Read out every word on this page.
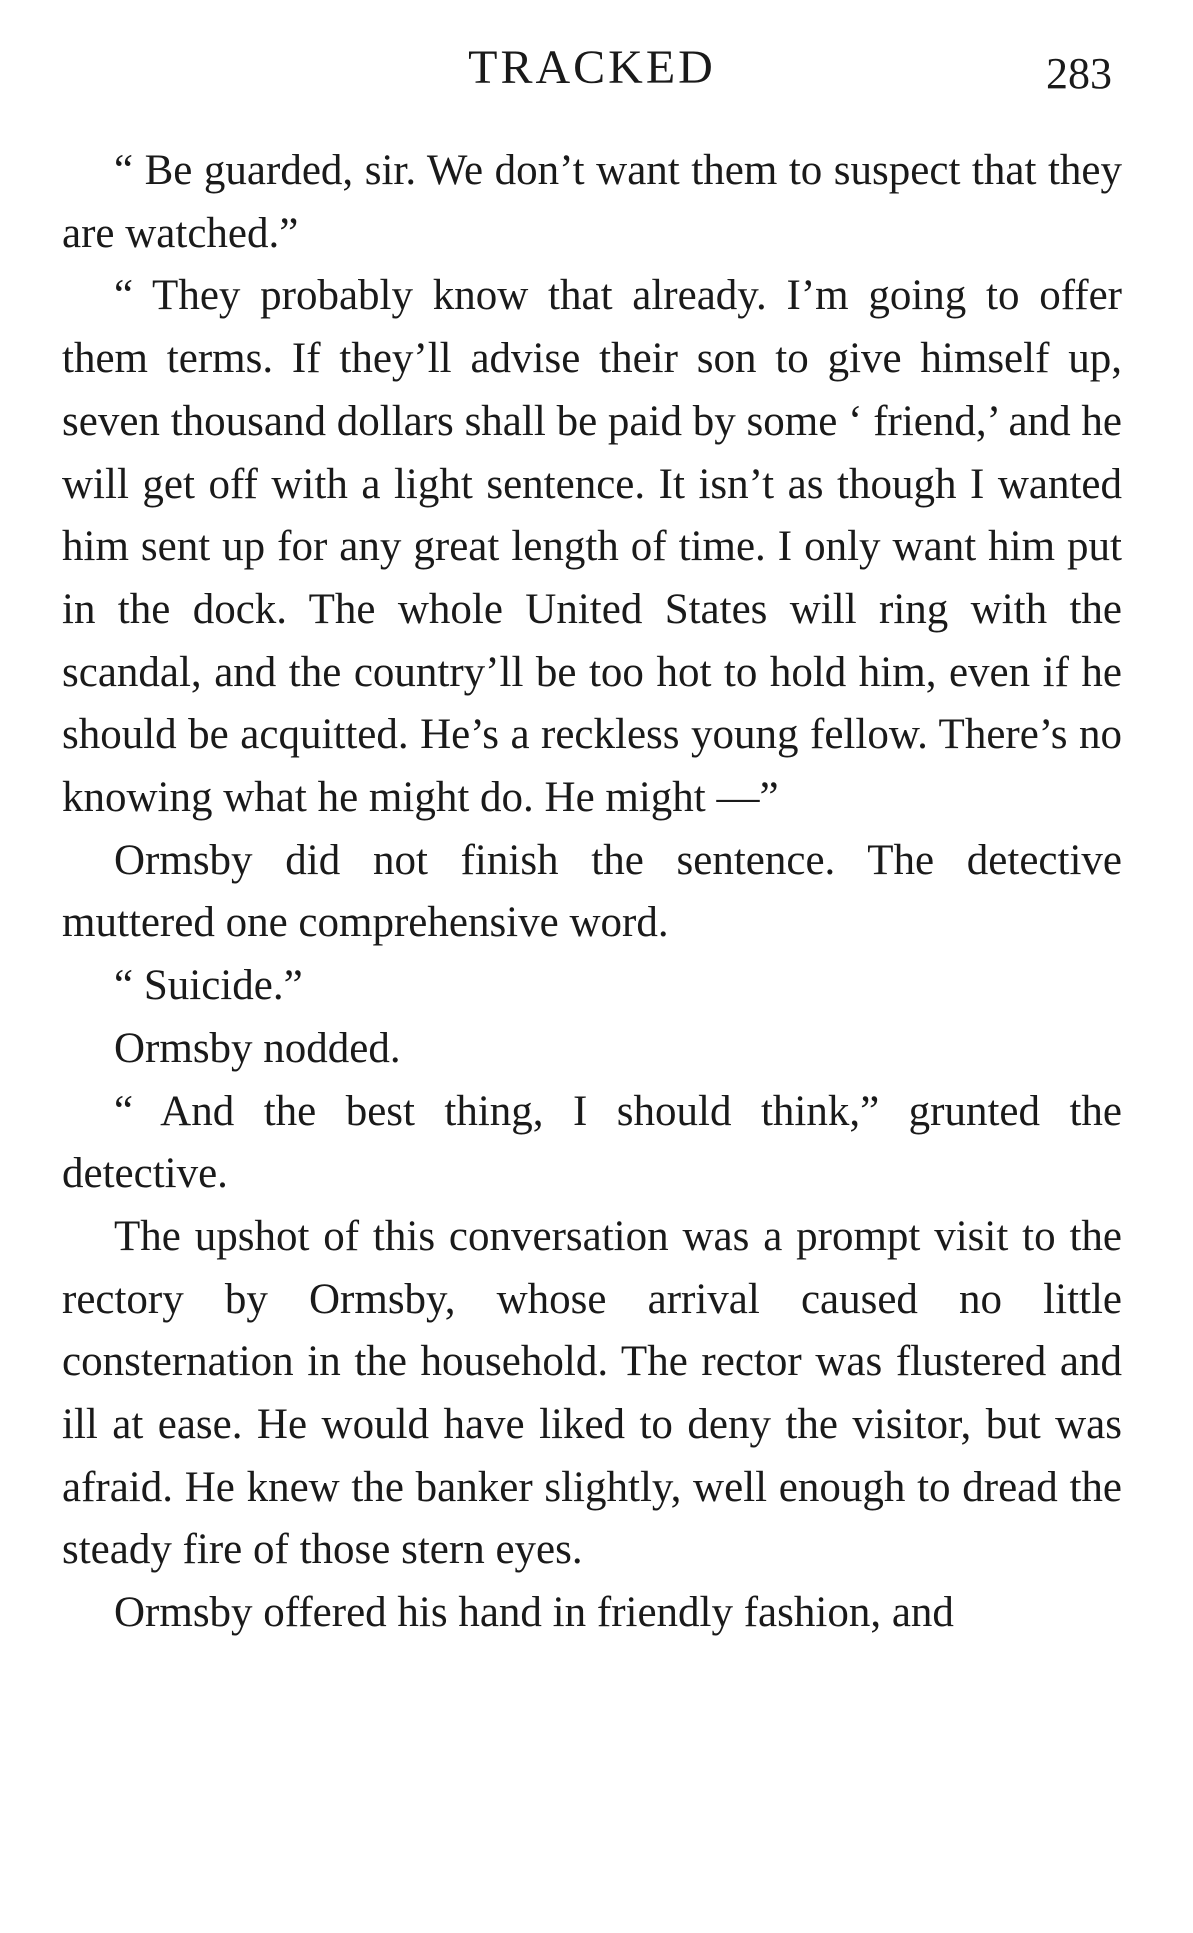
TRACKED	283

“ Be guarded, sir. We don’t want them to suspect that they are watched.”

“ They probably know that already. I’m going to offer them terms. If they’ll advise their son to give himself up, seven thousand dollars shall be paid by some ‘ friend,’ and he will get off with a light sentence. It isn’t as though I wanted him sent up for any great length of time. I only want him put in the dock. The whole United States will ring with the scandal, and the country’ll be too hot to hold him, even if he should be acquitted. He’s a reckless young fellow. There’s no knowing what he might do. He might —”

Ormsby did not finish the sentence. The detective muttered one comprehensive word.

“ Suicide.”

Ormsby nodded.

“ And the best thing, I should think,” grunted the detective.

The upshot of this conversation was a prompt visit to the rectory by Ormsby, whose arrival caused no little consternation in the household. The rector was flustered and ill at ease. He would have liked to deny the visitor, but was afraid. He knew the banker slightly, well enough to dread the steady fire of those stern eyes.

Ormsby offered his hand in friendly fashion, and
